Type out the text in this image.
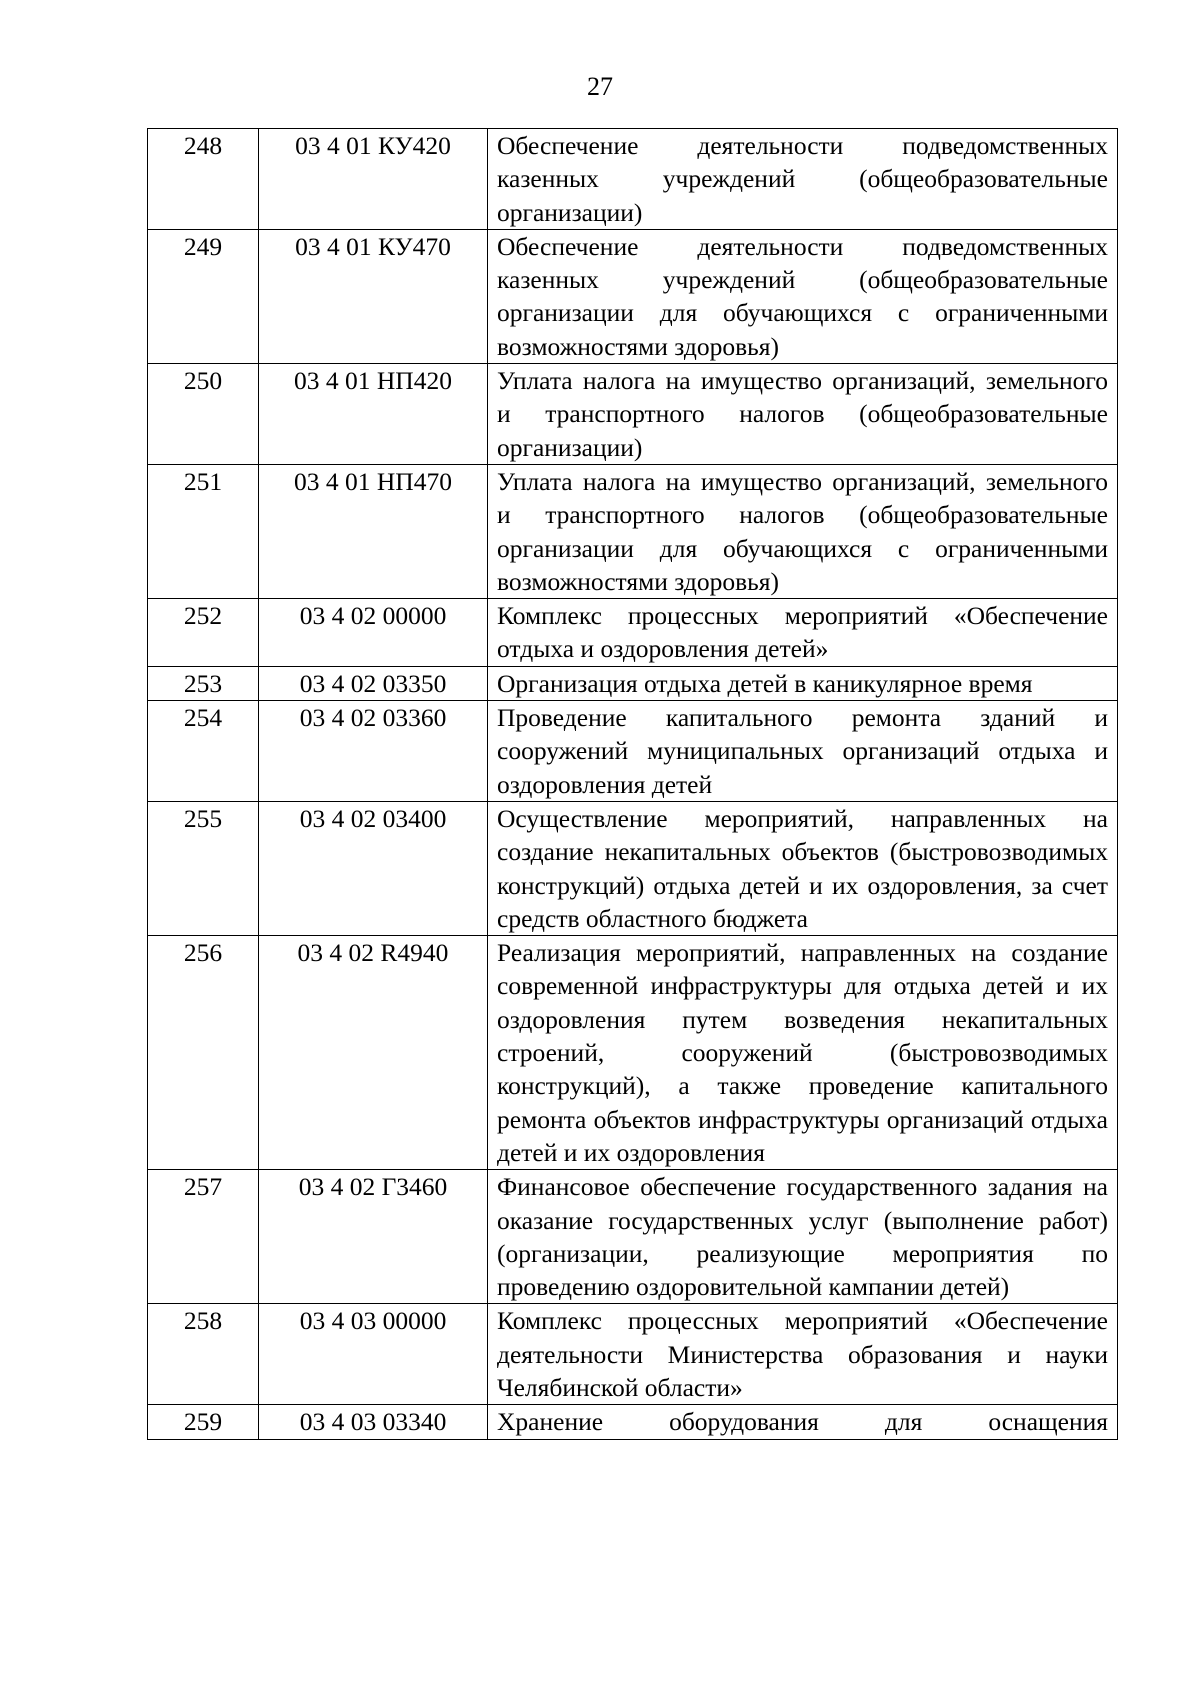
27
248	03 4 01 КУ420	Обеспечение деятельности подведомственных казенных учреждений (общеобразовательные организации)
249	03 4 01 КУ470	Обеспечение деятельности подведомственных казенных учреждений (общеобразовательные организации для обучающихся с ограниченными возможностями здоровья)
250	03 4 01 НП420	Уплата налога на имущество организаций, земельного и транспортного налогов (общеобразовательные организации)
251	03 4 01 НП470	Уплата налога на имущество организаций, земельного и транспортного налогов (общеобразовательные организации для обучающихся с ограниченными возможностями здоровья)
252	03 4 02 00000	Комплекс процессных мероприятий «Обеспечение отдыха и оздоровления детей»
253	03 4 02 03350	Организация отдыха детей в каникулярное время
254	03 4 02 03360	Проведение капитального ремонта зданий и сооружений муниципальных организаций отдыха и оздоровления детей
255	03 4 02 03400	Осуществление мероприятий, направленных на создание некапитальных объектов (быстровозводимых конструкций) отдыха детей и их оздоровления, за счет средств областного бюджета
256	03 4 02 R4940	Реализация мероприятий, направленных на создание современной инфраструктуры для отдыха детей и их оздоровления путем возведения некапитальных строений, сооружений (быстровозводимых конструкций), а также проведение капитального ремонта объектов инфраструктуры организаций отдыха детей и их оздоровления
257	03 4 02 Г3460	Финансовое обеспечение государственного задания на оказание государственных услуг (выполнение работ) (организации, реализующие мероприятия по проведению оздоровительной кампании детей)
258	03 4 03 00000	Комплекс процессных мероприятий «Обеспечение деятельности Министерства образования и науки Челябинской области»
259	03 4 03 03340	Хранение оборудования для оснащения
